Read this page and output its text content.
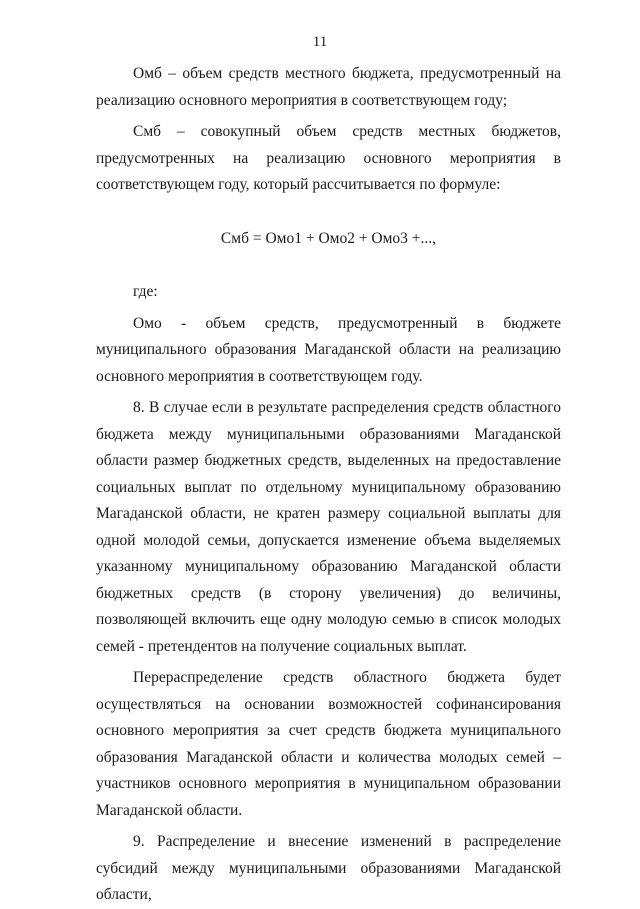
11

Омб – объем средств местного бюджета, предусмотренный на реализацию основного мероприятия в соответствующем году;

Смб – совокупный объем средств местных бюджетов, предусмотренных на реализацию основного мероприятия в соответствующем году, который рассчитывается по формуле:

Смб = Омо1 + Омо2 + Омо3 +...,

где:

Омо - объем средств, предусмотренный в бюджете муниципального образования Магаданской области на реализацию основного мероприятия в соответствующем году.

8. В случае если в результате распределения средств областного бюджета между муниципальными образованиями Магаданской области размер бюджетных средств, выделенных на предоставление социальных выплат по отдельному муниципальному образованию Магаданской области, не кратен размеру социальной выплаты для одной молодой семьи, допускается изменение объема выделяемых указанному муниципальному образованию Магаданской области бюджетных средств (в сторону увеличения) до величины, позволяющей включить еще одну молодую семью в список молодых семей - претендентов на получение социальных выплат.

Перераспределение средств областного бюджета будет осуществляться на основании возможностей софинансирования основного мероприятия за счет средств бюджета муниципального образования Магаданской области и количества молодых семей – участников основного мероприятия в муниципальном образовании Магаданской области.

9. Распределение и внесение изменений в распределение субсидий между муниципальными образованиями Магаданской области,
